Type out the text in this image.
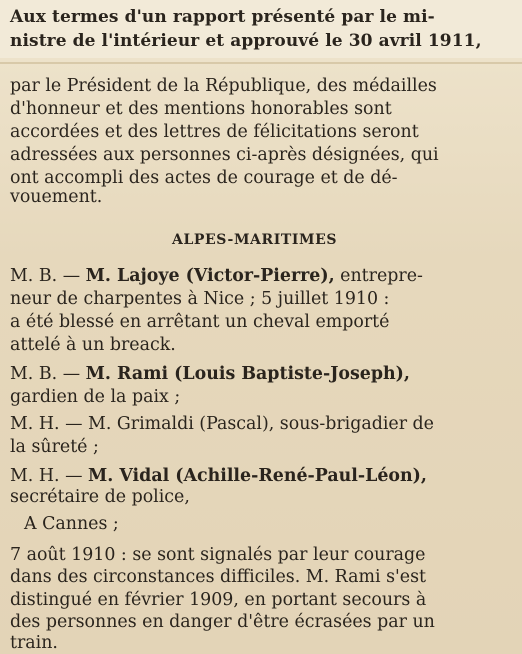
Aux termes d'un rapport présenté par le mi-
nistre de l'intérieur et approuvé le 30 avril 1911,
par le Président de la République, des médailles
d'honneur et des mentions honorables sont
accordées et des lettres de félicitations seront
adressées aux personnes ci-après désignées, qui
ont accompli des actes de courage et de dé-
vouement.
ALPES-MARITIMES
M. B. — M. Lajoye (Victor-Pierre), entrepre-
neur de charpentes à Nice ; 5 juillet 1910 :
a été blessé en arrêtant un cheval emporté
attelé à un breack.
M. B. — M. Rami (Louis Baptiste-Joseph),
gardien de la paix ;
M. H. — M. Grimaldi (Pascal), sous-brigadier de
la sûreté ;
M. H. — M. Vidal (Achille-René-Paul-Léon),
secrétaire de police,
A Cannes ;
7 août 1910 : se sont signalés par leur courage
dans des circonstances difficiles. M. Rami s'est
distingué en février 1909, en portant secours à
des personnes en danger d'être écrasées par un
train.
